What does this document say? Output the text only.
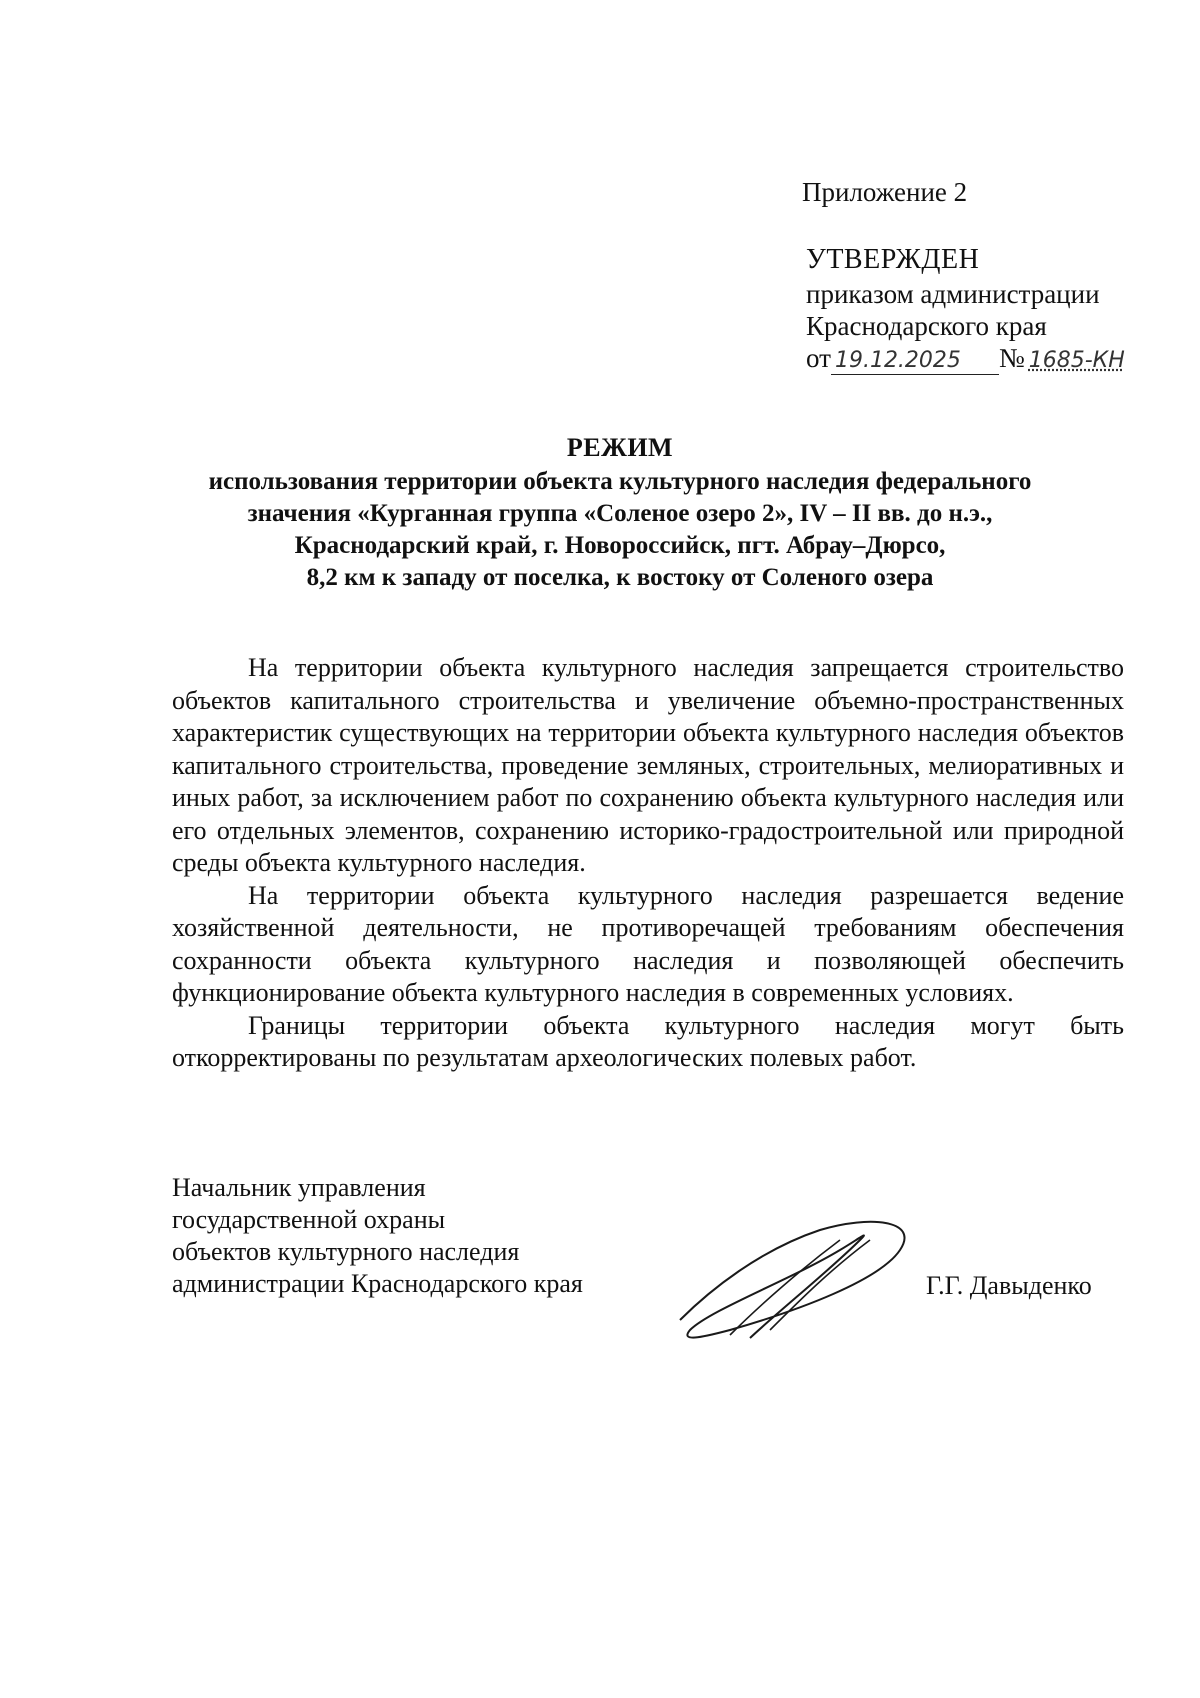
Приложение 2
УТВЕРЖДЕН
приказом администрации
Краснодарского края
от 19.12.2025 № 1685-КН
РЕЖИМ
использования территории объекта культурного наследия федерального
значения «Курганная группа «Соленое озеро 2», IV – II вв. до н.э.,
Краснодарский край, г. Новороссийск, пгт. Абрау–Дюрсо,
8,2 км к западу от поселка, к востоку от Соленого озера

На территории объекта культурного наследия запрещается строительство объектов капитального строительства и увеличение объемно-пространственных характеристик существующих на территории объекта культурного наследия объектов капитального строительства, проведение земляных, строительных, мелиоративных и иных работ, за исключением работ по сохранению объекта культурного наследия или его отдельных элементов, сохранению историко-градостроительной или природной среды объекта культурного наследия.

На территории объекта культурного наследия разрешается ведение хозяйственной деятельности, не противоречащей требованиям обеспечения сохранности объекта культурного наследия и позволяющей обеспечить функционирование объекта культурного наследия в современных условиях.

Границы территории объекта культурного наследия могут быть откорректированы по результатам археологических полевых работ.

Начальник управления
государственной охраны
объектов культурного наследия
администрации Краснодарского края	Г.Г. Давыденко
